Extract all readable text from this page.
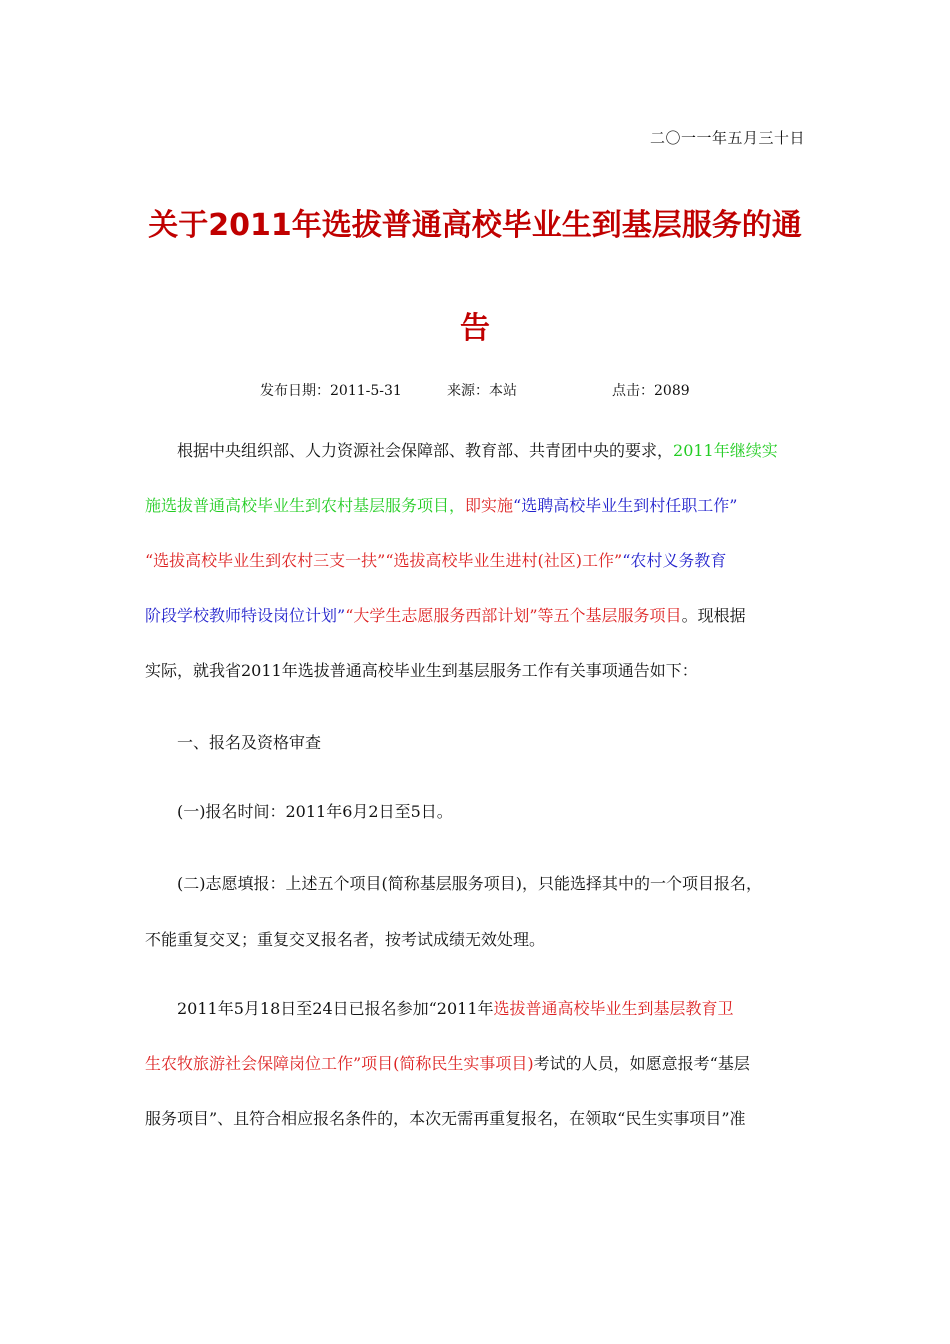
二〇一一年五月三十日
关于2011年选拔普通高校毕业生到基层服务的通
告
发布日期：2011-5-31	来源：本站	点击：2089
根据中央组织部、人力资源社会保障部、教育部、共青团中央的要求，2011年继续实
施选拔普通高校毕业生到农村基层服务项目，即实施“选聘高校毕业生到村任职工作”
“选拔高校毕业生到农村三支一扶”“选拔高校毕业生进村(社区)工作”“农村义务教育
阶段学校教师特设岗位计划”“大学生志愿服务西部计划”等五个基层服务项目。现根据
实际，就我省2011年选拔普通高校毕业生到基层服务工作有关事项通告如下：
一、报名及资格审查
(一)报名时间：2011年6月2日至5日。
(二)志愿填报：上述五个项目(简称基层服务项目)，只能选择其中的一个项目报名，
不能重复交叉；重复交叉报名者，按考试成绩无效处理。
2011年5月18日至24日已报名参加“2011年选拔普通高校毕业生到基层教育卫
生农牧旅游社会保障岗位工作”项目(简称民生实事项目)考试的人员，如愿意报考“基层
服务项目”、且符合相应报名条件的，本次无需再重复报名，在领取“民生实事项目”准
